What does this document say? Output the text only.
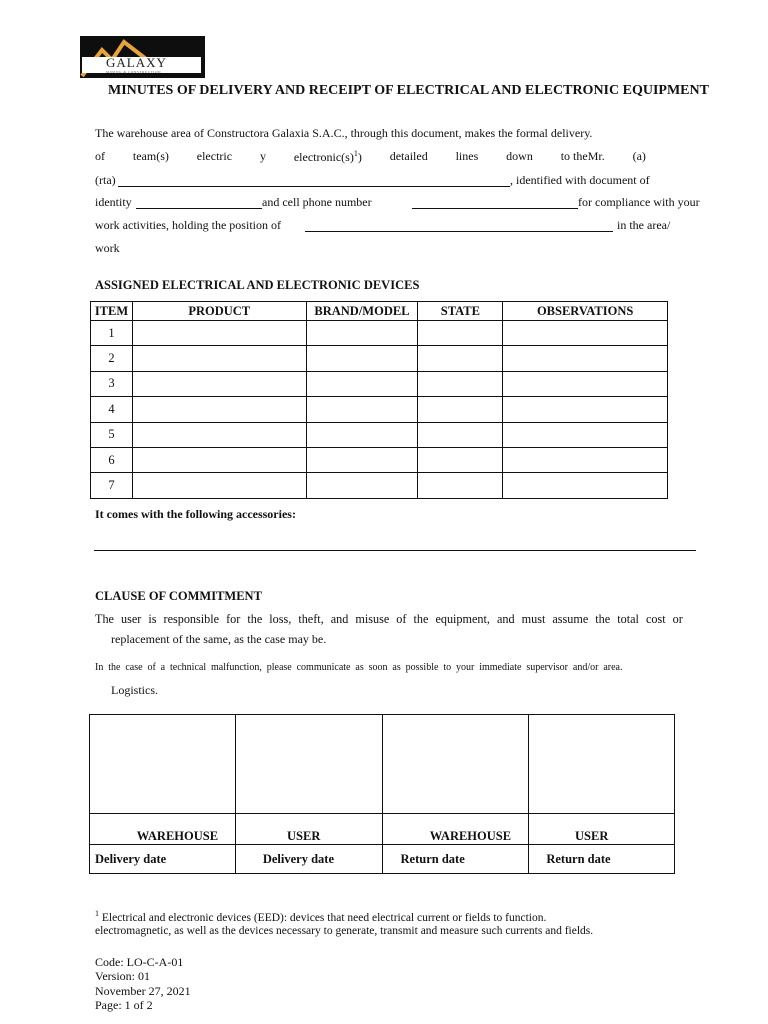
GALAXY
MINING & CONSTRUCTION
MINUTES OF DELIVERY AND RECEIPT OF ELECTRICAL AND ELECTRONIC EQUIPMENT
The warehouse area of Constructora Galaxia S.A.C., through this document, makes the formal delivery.
of team(s) electric y $electronic(s)^1$) detailed lines down to theMr. (a)
(rta)	, identified with document of
identity	and cell phone number	for compliance with your
work activities, holding the position of	in the area/
work
ASSIGNED ELECTRICAL AND ELECTRONIC DEVICES
ITEM	PRODUCT	BRAND/MODEL	STATE	OBSERVATIONS
1				
2				
3				
4				
5				
6				
7				
It comes with the following accessories:
CLAUSE OF COMMITMENT
The user is responsible for the loss, theft, and misuse of the equipment, and must assume the total cost or
replacement of the same, as the case may be.
In the case of a technical malfunction, please communicate as soon as possible to your immediate supervisor and/or area.
Logistics.

WAREHOUSE	USER	WAREHOUSE	USER
Delivery date	Delivery date	Return date	Return date
$^1$ Electrical and electronic devices (EED): devices that need electrical current or fields to function.
electromagnetic, as well as the devices necessary to generate, transmit and measure such currents and fields.
Code: LO-C-A-01
Version: 01
November 27, 2021
Page: 1 of 2
